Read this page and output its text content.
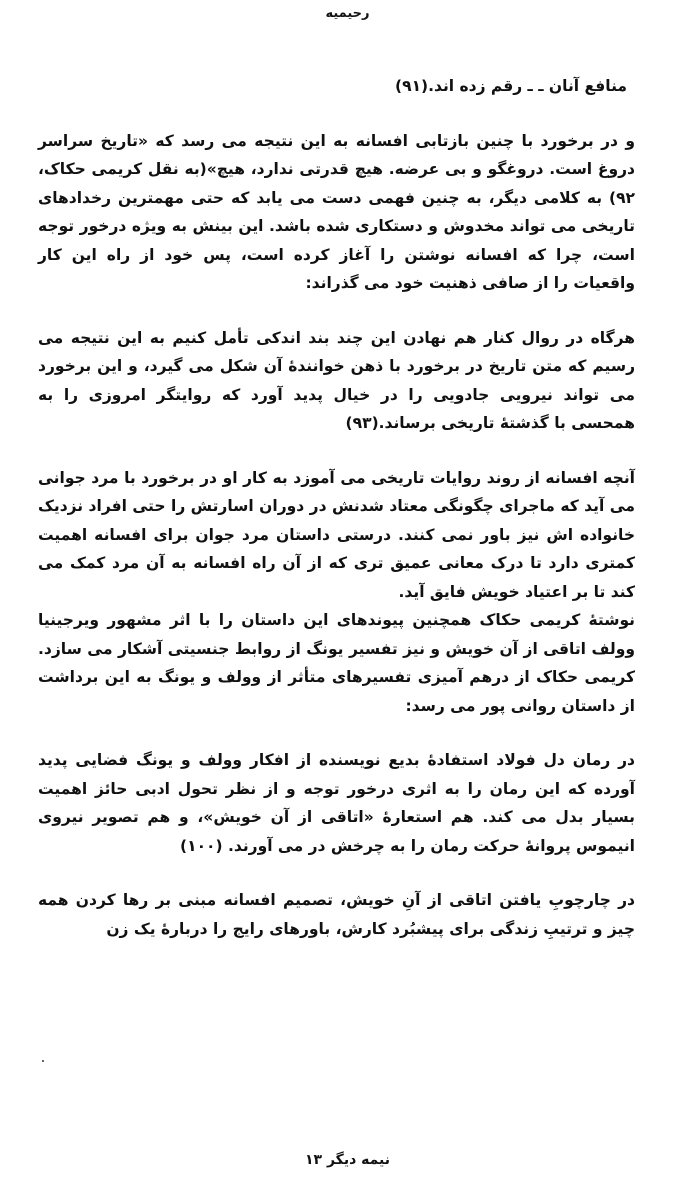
رحیمیه

منافع آنان ـ ـ رقم زده اند.(۹۱)

و در برخورد با چنین بازتابی افسانه به این نتیجه می رسد که «تاریخ سراسر دروغ است. دروغگو و بی عرضه. هیچ قدرتی ندارد، هیچ»(به نقل کریمی حکاک، ۹۲) به کلامی دیگر، به چنین فهمی دست می یابد که حتی مهمترین رخدادهای تاریخی می تواند مخدوش و دستکاری شده باشد. این بینش به ویژه درخور توجه است، چرا که افسانه نوشتن را آغاز کرده است، پس خود از راه این کار واقعیات را از صافی ذهنیت خود می گذراند:

هرگاه در روال کنار هم نهادن این چند بند اندکی تأمل کنیم به این نتیجه می رسیم که متن تاریخ در برخورد با ذهن خوانندهٔ آن شکل می گیرد، و این برخورد می تواند نیرویی جادویی را در خیال پدید آورد که روایتگر امروزی را به همحسی با گذشتهٔ تاریخی برساند.(۹۳)

آنچه افسانه از روند روایات تاریخی می آموزد به کار او در برخورد با مرد جوانی می آید که ماجرای چگونگی معتاد شدنش در دوران اسارتش را حتی افراد نزدیک خانواده اش نیز باور نمی کنند. درستی داستان مرد جوان برای افسانه اهمیت کمتری دارد تا درک معانی عمیق تری که از آن راه افسانه به آن مرد کمک می کند تا بر اعتیاد خویش فایق آید.

نوشتهٔ کریمی حکاک همچنین پیوندهای این داستان را با اثر مشهور ویرجینیا وولف اتاقی از آن خویش و نیز تفسیر یونگ از روابط جنسیتی آشکار می سازد. کریمی حکاک از درهم آمیزی تفسیرهای متأثر از وولف و یونگ به این برداشت از داستان روانی پور می رسد:

در رمان دل فولاد استفادهٔ بدیع نویسنده از افکار وولف و یونگ فضایی پدید آورده که این رمان را به اثری درخور توجه و از نظر تحول ادبی حائز اهمیت بسیار بدل می کند. هم استعارهٔ «اتاقی از آن خویش»، و هم تصویر نیروی انیموس پروانهٔ حرکت رمان را به چرخش در می آورند. (۱۰۰)

در چارچوبِ یافتن اتاقی از آنِ خویش، تصمیم افسانه مبنی بر رها کردن همه چیز و ترتیبِ زندگی برای پیشبُرد کارش، باورهای رایج را دربارهٔ یک زن

نیمه دیگر ۱۳
